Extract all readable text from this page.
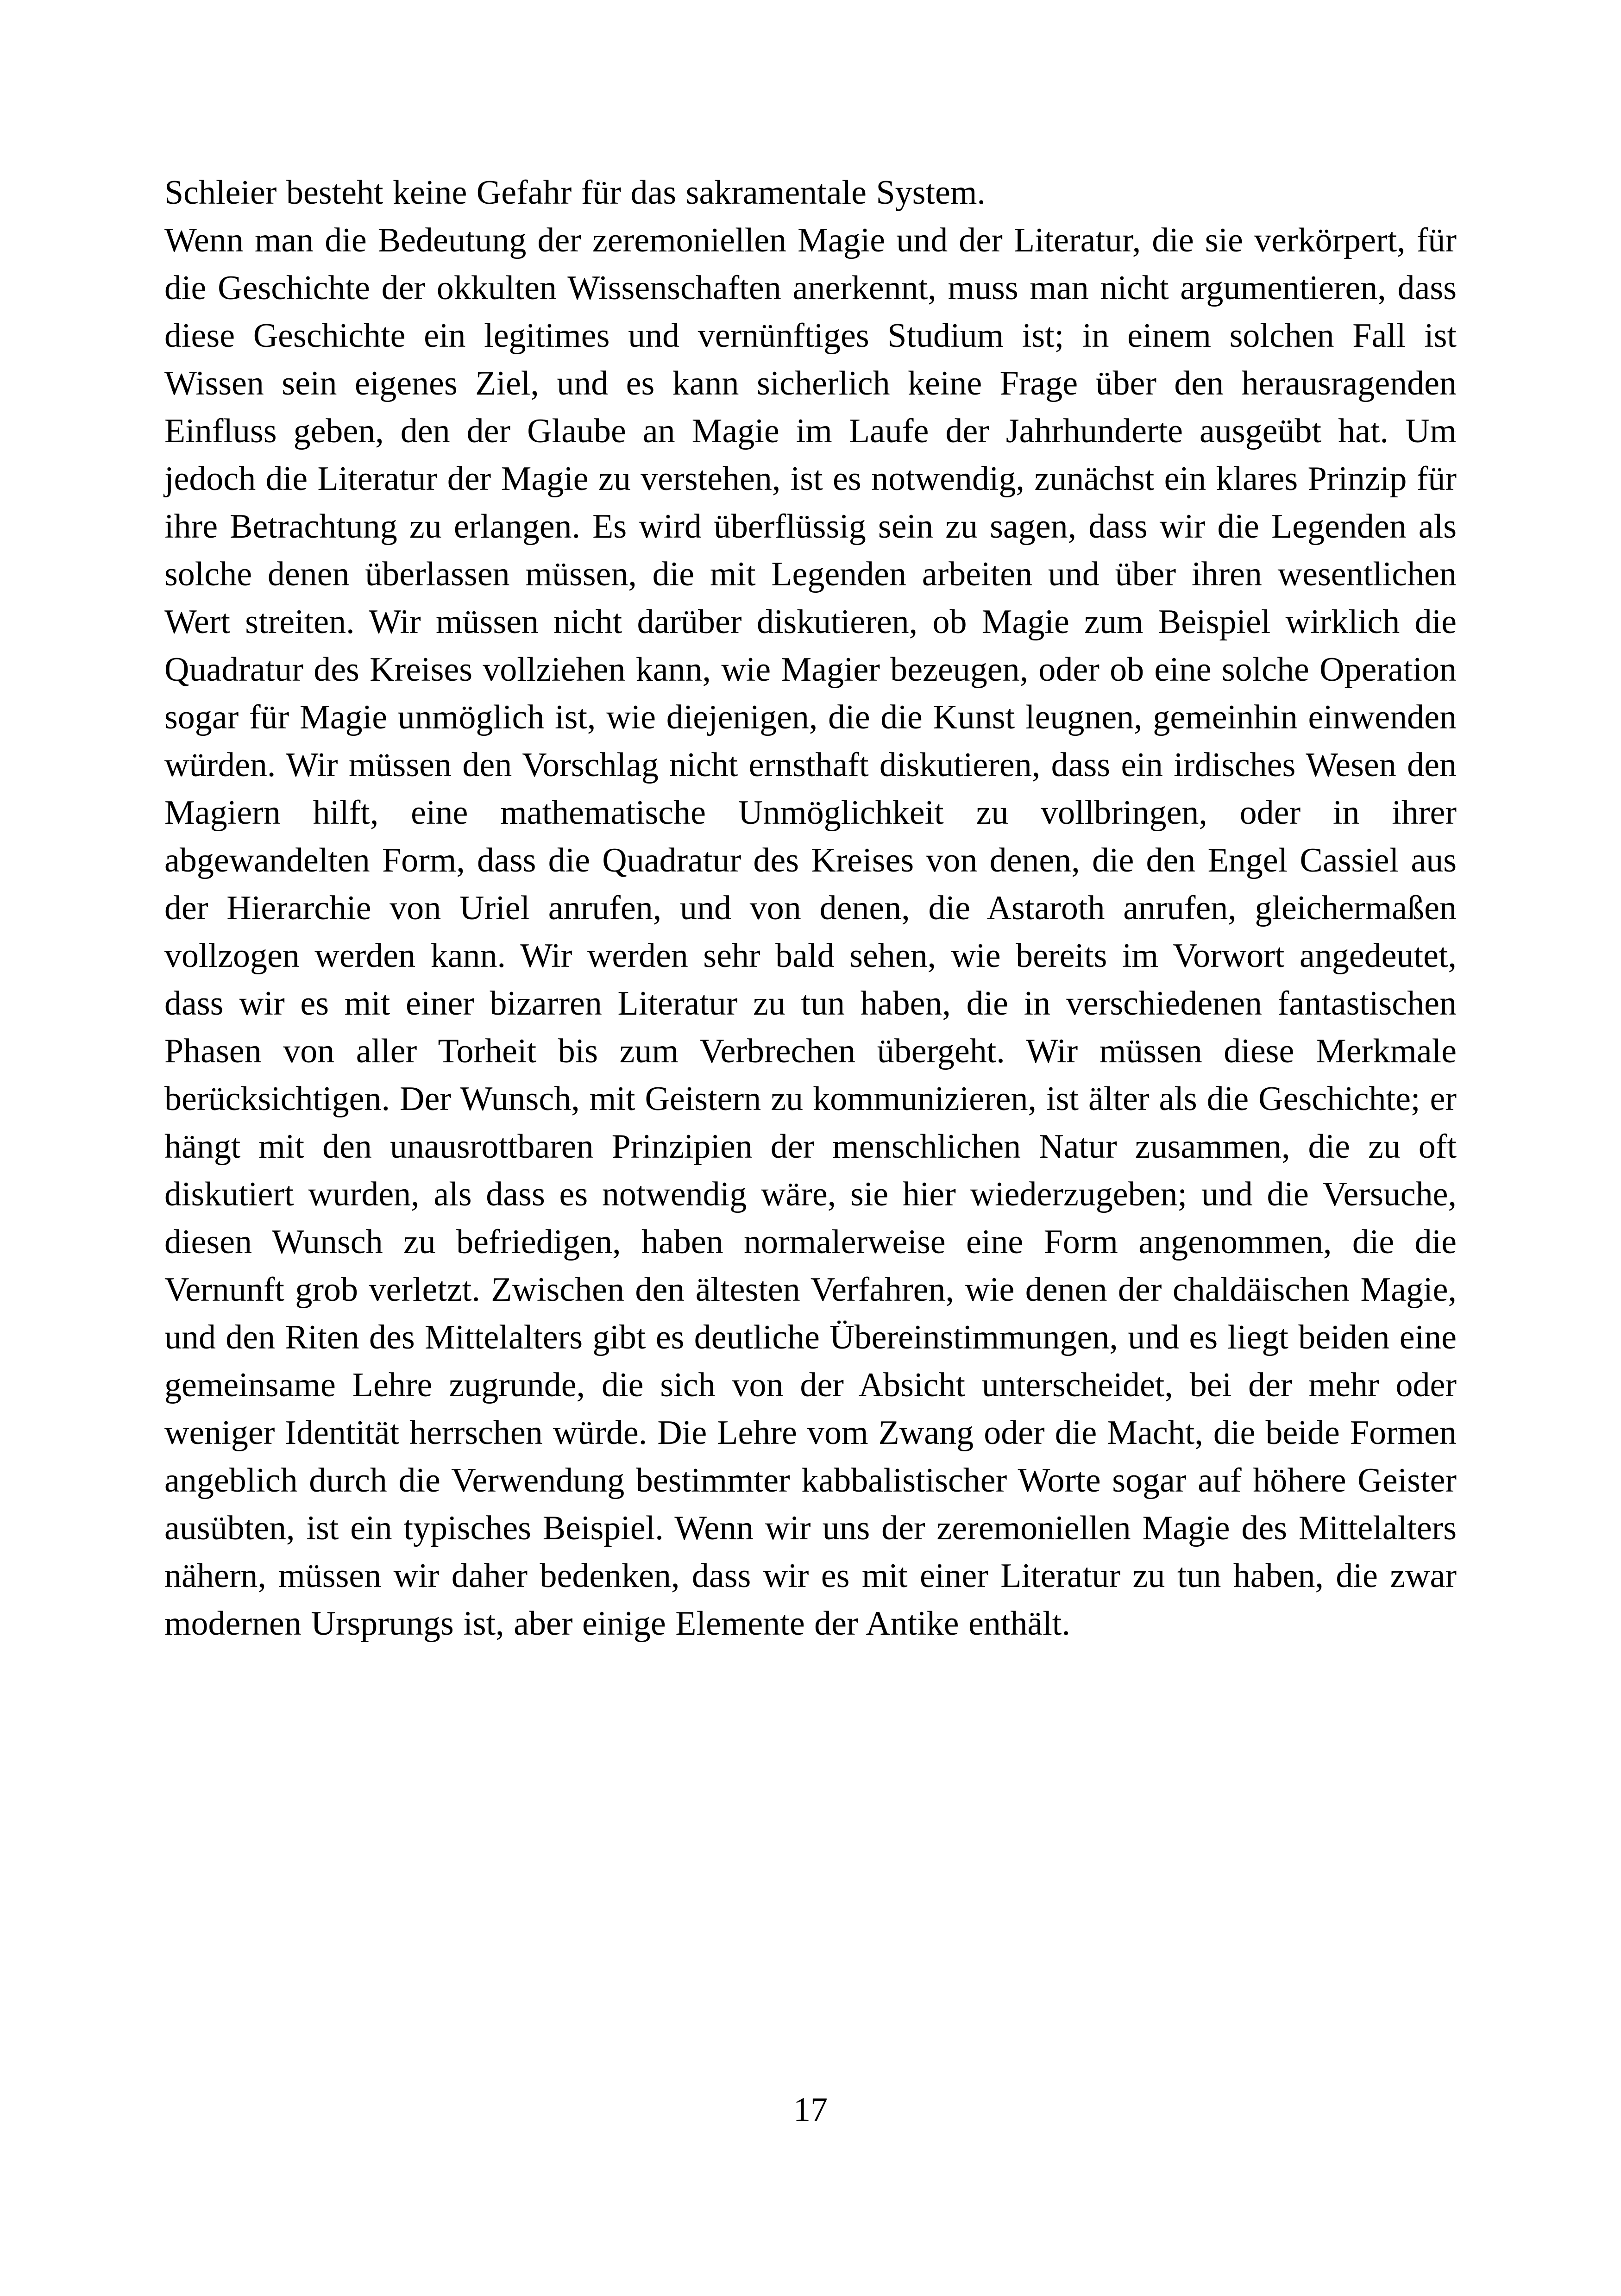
Schleier besteht keine Gefahr für das sakramentale System.

Wenn man die Bedeutung der zeremoniellen Magie und der Literatur, die sie verkörpert, für die Geschichte der okkulten Wissenschaften anerkennt, muss man nicht argumentieren, dass diese Geschichte ein legitimes und vernünftiges Studium ist; in einem solchen Fall ist Wissen sein eigenes Ziel, und es kann sicherlich keine Frage über den herausragenden Einfluss geben, den der Glaube an Magie im Laufe der Jahrhunderte ausgeübt hat. Um jedoch die Literatur der Magie zu verstehen, ist es notwendig, zunächst ein klares Prinzip für ihre Betrachtung zu erlangen. Es wird überflüssig sein zu sagen, dass wir die Legenden als solche denen überlassen müssen, die mit Legenden arbeiten und über ihren wesentlichen Wert streiten. Wir müssen nicht darüber diskutieren, ob Magie zum Beispiel wirklich die Quadratur des Kreises vollziehen kann, wie Magier bezeugen, oder ob eine solche Operation sogar für Magie unmöglich ist, wie diejenigen, die die Kunst leugnen, gemeinhin einwenden würden. Wir müssen den Vorschlag nicht ernsthaft diskutieren, dass ein irdisches Wesen den Magiern hilft, eine mathematische Unmöglichkeit zu vollbringen, oder in ihrer abgewandelten Form, dass die Quadratur des Kreises von denen, die den Engel Cassiel aus der Hierarchie von Uriel anrufen, und von denen, die Astaroth anrufen, gleichermaßen vollzogen werden kann. Wir werden sehr bald sehen, wie bereits im Vorwort angedeutet, dass wir es mit einer bizarren Literatur zu tun haben, die in verschiedenen fantastischen Phasen von aller Torheit bis zum Verbrechen übergeht. Wir müssen diese Merkmale berücksichtigen. Der Wunsch, mit Geistern zu kommunizieren, ist älter als die Geschichte; er hängt mit den unausrottbaren Prinzipien der menschlichen Natur zusammen, die zu oft diskutiert wurden, als dass es notwendig wäre, sie hier wiederzugeben; und die Versuche, diesen Wunsch zu befriedigen, haben normalerweise eine Form angenommen, die die Vernunft grob verletzt. Zwischen den ältesten Verfahren, wie denen der chaldäischen Magie, und den Riten des Mittelalters gibt es deutliche Übereinstimmungen, und es liegt beiden eine gemeinsame Lehre zugrunde, die sich von der Absicht unterscheidet, bei der mehr oder weniger Identität herrschen würde. Die Lehre vom Zwang oder die Macht, die beide Formen angeblich durch die Verwendung bestimmter kabbalistischer Worte sogar auf höhere Geister ausübten, ist ein typisches Beispiel. Wenn wir uns der zeremoniellen Magie des Mittelalters nähern, müssen wir daher bedenken, dass wir es mit einer Literatur zu tun haben, die zwar modernen Ursprungs ist, aber einige Elemente der Antike enthält.

17
